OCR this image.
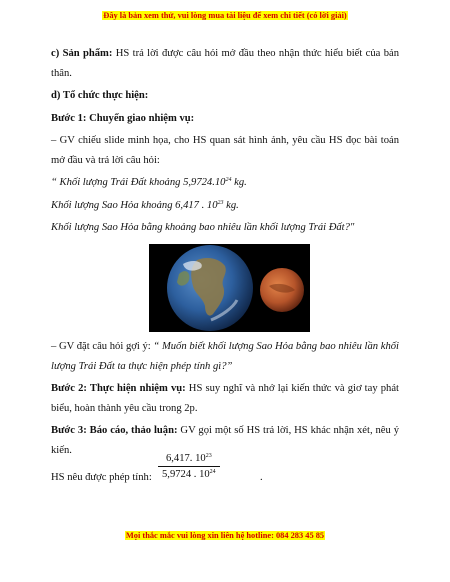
Đây là bản xem thử, vui lòng mua tài liệu để xem chi tiết (có lời giải)

c) Sản phẩm: HS trả lời được câu hỏi mở đầu theo nhận thức hiểu biết của bản thân.

d) Tổ chức thực hiện:

Bước 1: Chuyển giao nhiệm vụ:

– GV chiếu slide minh họa, cho HS quan sát hình ảnh, yêu cầu HS đọc bài toán mở đầu và trả lời câu hỏi:

“ Khối lượng Trái Đất khoảng 5,9724.10$^{24}$ kg.

Khối lượng Sao Hỏa khoảng 6,417 . $10^{23}$ kg.

Khối lượng Sao Hỏa bằng khoảng bao nhiêu lần khối lượng Trái Đất?"

– GV đặt câu hỏi gợi ý: “ Muốn biết khối lượng Sao Hỏa bằng bao nhiêu lần khối lượng Trái Đất ta thực hiện phép tính gì?”

Bước 2: Thực hiện nhiệm vụ: HS suy nghĩ và nhớ lại kiến thức và giơ tay phát biểu, hoàn thành yêu cầu trong 2p.

Bước 3: Báo cáo, thảo luận: GV gọi một số HS trả lời, HS khác nhận xét, nêu ý kiến.

HS nêu được phép tính: $\frac{6,417. 10^{23}}{5,9724 . 10^{24}}$	.
Mọi thắc mắc vui lòng xin liên hệ hotline: 084 283 45 85
